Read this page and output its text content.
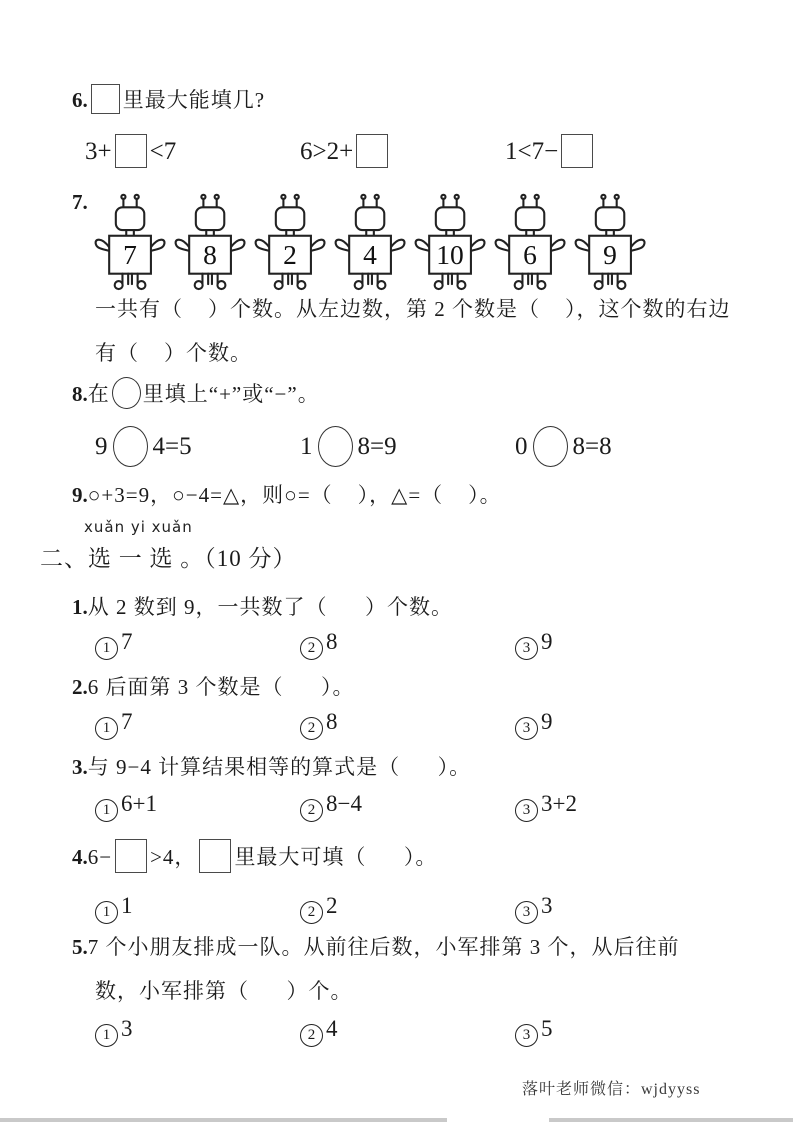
6. 里最大能填几?
3+ <7	6>2+	1<7−
7.
7 8 2 4 10 6 9
一共有（    ）个数。从左边数，第 2 个数是（    ），这个数的右边
有（    ）个数。
8.在 里填上“+”或“−”。
9 4=5	1 8=9	0 8=8
9.○+3=9，○−4=△，则○=（    ），△=（    ）。
xuǎn yi xuǎn
二、选 一 选 。（10 分）
1.从 2 数到 9，一共数了（      ）个数。
1 7	2 8	3 9
2.6 后面第 3 个数是（      ）。
1 7	2 8	3 9
3.与 9−4 计算结果相等的算式是（      ）。
1 6+1	2 8−4	3 3+2
4.6− >4， 里最大可填（      ）。
1 1	2 2	3 3
5.7 个小朋友排成一队。从前往后数，小军排第 3 个，从后往前
数，小军排第（      ）个。
1 3	2 4	3 5
落叶老师微信：wjdyyss
